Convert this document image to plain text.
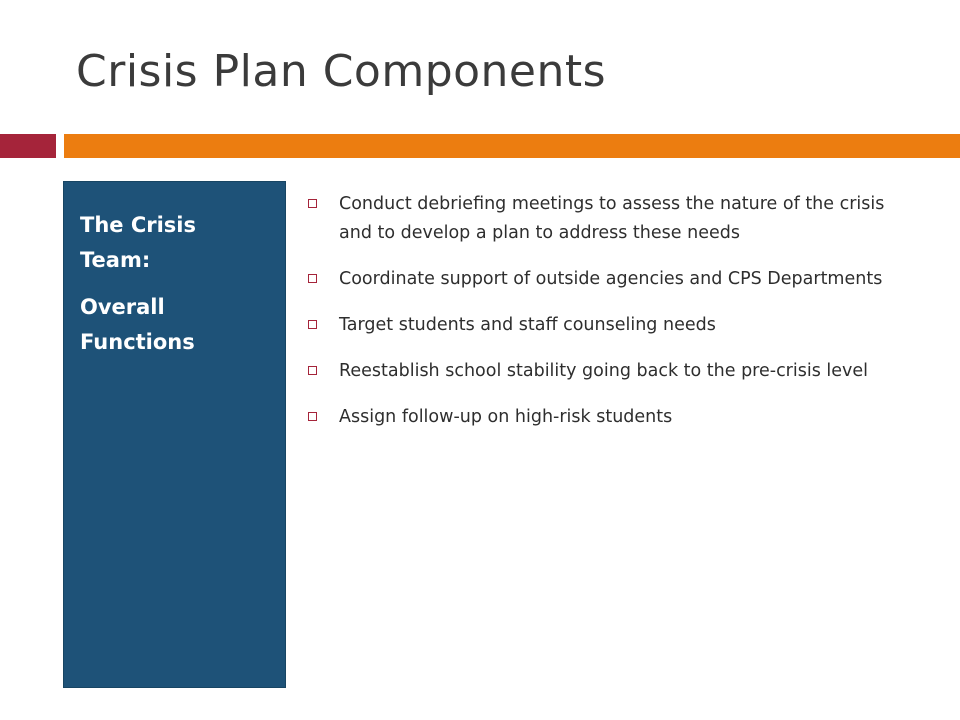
Crisis Plan Components
The Crisis Team:
Overall Functions
Conduct debriefing meetings to assess the nature of the crisis and to develop a plan to address these needs
Coordinate support of outside agencies and CPS Departments
Target students and staff counseling needs
Reestablish school stability going back to the pre-crisis level
Assign follow-up on high-risk students
